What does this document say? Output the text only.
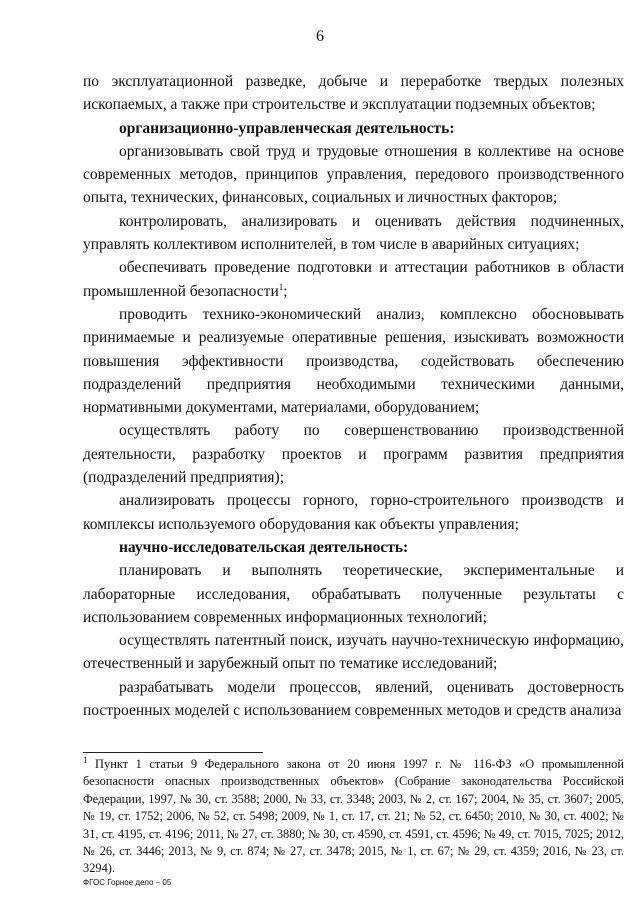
6

по эксплуатационной разведке, добыче и переработке твердых полезных ископаемых, а также при строительстве и эксплуатации подземных объектов;

организационно-управленческая деятельность:

организовывать свой труд и трудовые отношения в коллективе на основе современных методов, принципов управления, передового производственного опыта, технических, финансовых, социальных и личностных факторов;

контролировать, анализировать и оценивать действия подчиненных, управлять коллективом исполнителей, в том числе в аварийных ситуациях;

обеспечивать проведение подготовки и аттестации работников в области промышленной безопасности$^1$;

проводить технико-экономический анализ, комплексно обосновывать принимаемые и реализуемые оперативные решения, изыскивать возможности повышения эффективности производства, содействовать обеспечению подразделений предприятия необходимыми техническими данными, нормативными документами, материалами, оборудованием;

осуществлять работу по совершенствованию производственной деятельности, разработку проектов и программ развития предприятия (подразделений предприятия);

анализировать процессы горного, горно-строительного производств и комплексы используемого оборудования как объекты управления;

научно-исследовательская деятельность:

планировать и выполнять теоретические, экспериментальные и лабораторные исследования, обрабатывать полученные результаты с использованием современных информационных технологий;

осуществлять патентный поиск, изучать научно-техническую информацию, отечественный и зарубежный опыт по тематике исследований;

разрабатывать модели процессов, явлений, оценивать достоверность построенных моделей с использованием современных методов и средств анализа

$^1$ Пункт 1 статьи 9 Федерального закона от 20 июня 1997 г. № 116-ФЗ «О промышленной безопасности опасных производственных объектов» (Собрание законодательства Российской Федерации, 1997, № 30, ст. 3588; 2000, № 33, ст. 3348; 2003, № 2, ст. 167; 2004, № 35, ст. 3607; 2005, № 19, ст. 1752; 2006, № 52, ст. 5498; 2009, № 1, ст. 17, ст. 21; № 52, ст. 6450; 2010, № 30, ст. 4002; № 31, ст. 4195, ст. 4196; 2011, № 27, ст. 3880; № 30, ст. 4590, ст. 4591, ст. 4596; № 49, ст. 7015, 7025; 2012, № 26, ст. 3446; 2013, № 9, ст. 874; № 27, ст. 3478; 2015, № 1, ст. 67; № 29, ст. 4359; 2016, № 23, ст. 3294).
ФГОС Горное дело – 05
